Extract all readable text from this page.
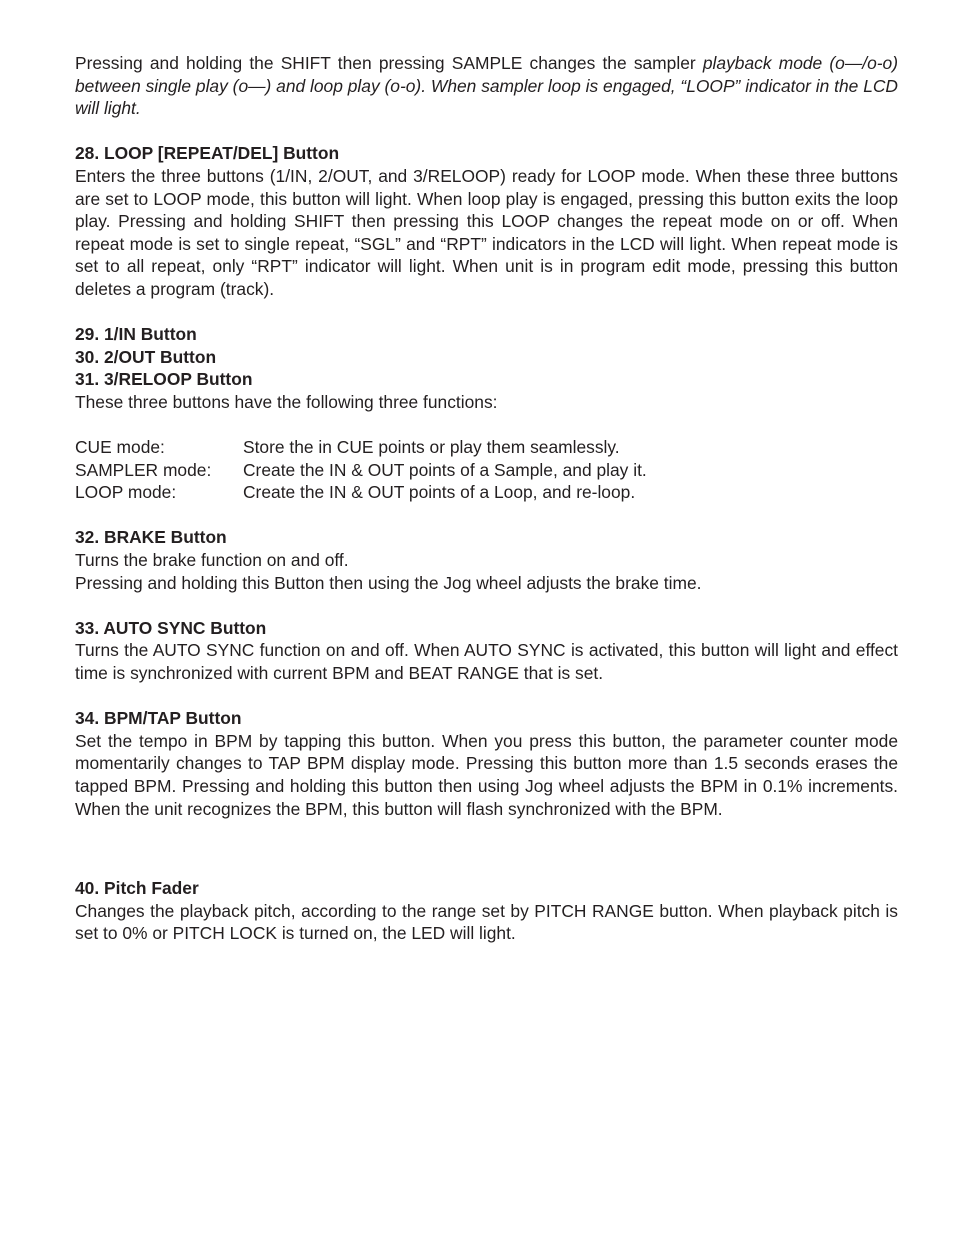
Pressing and holding the SHIFT then pressing SAMPLE changes the sampler playback mode (o—/o-o) between single play (o—) and loop play (o-o). When sampler loop is engaged, “LOOP” indicator in the LCD will light.

28. LOOP [REPEAT/DEL] Button

Enters the three buttons (1/IN, 2/OUT, and 3/RELOOP) ready for LOOP mode. When these three buttons are set to LOOP mode, this button will light. When loop play is engaged, pressing this button exits the loop play. Pressing and holding SHIFT then pressing this LOOP changes the repeat mode on or off. When repeat mode is set to single repeat, “SGL” and “RPT” indicators in the LCD will light. When repeat mode is set to all repeat, only “RPT” indicator will light. When unit is in program edit mode, pressing this button deletes a program (track).

29. 1/IN Button

30. 2/OUT Button

31. 3/RELOOP Button

These three buttons have the following three functions:

CUE mode:	Store the in CUE points or play them seamlessly.
SAMPLER mode:	Create the IN & OUT points of a Sample, and play it.
LOOP mode:	Create the IN & OUT points of a Loop, and re-loop.

32. BRAKE Button

Turns the brake function on and off.

Pressing and holding this Button then using the Jog wheel adjusts the brake time.

33. AUTO SYNC Button

Turns the AUTO SYNC function on and off. When AUTO SYNC is activated, this button will light and effect time is synchronized with current BPM and BEAT RANGE that is set.

34. BPM/TAP Button

Set the tempo in BPM by tapping this button. When you press this button, the parameter counter mode momentarily changes to TAP BPM display mode. Pressing this button more than 1.5 seconds erases the tapped BPM. Pressing and holding this button then using Jog wheel adjusts the BPM in 0.1% increments. When the unit recognizes the BPM, this button will flash synchronized with the BPM.

40. Pitch Fader

Changes the playback pitch, according to the range set by PITCH RANGE button. When playback pitch is set to 0% or PITCH LOCK is turned on, the LED will light.
